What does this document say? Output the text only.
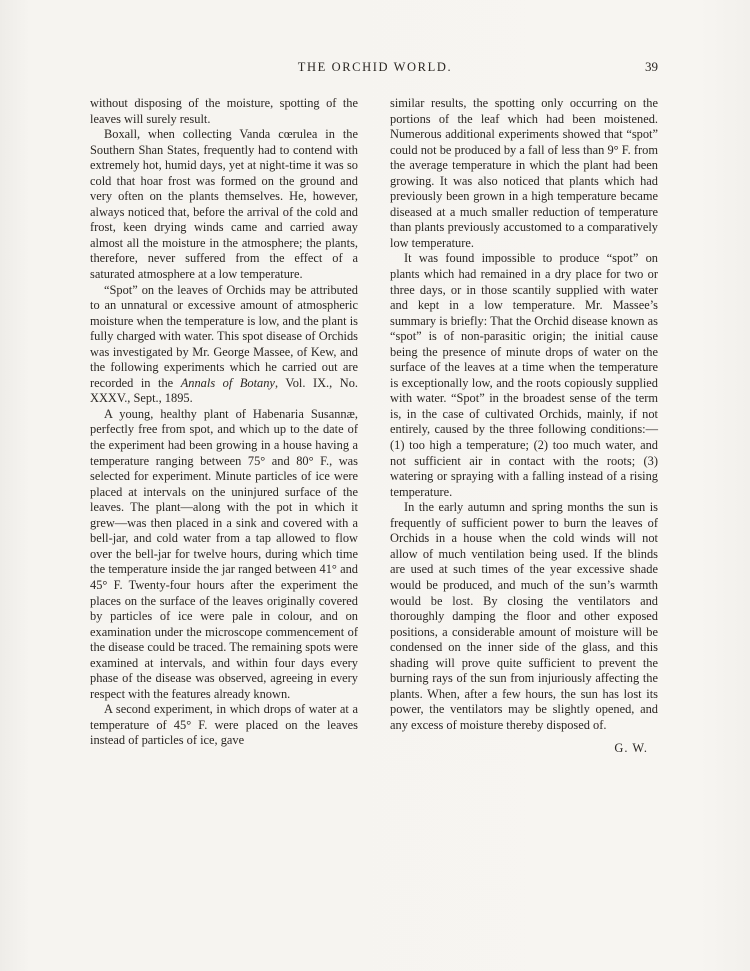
THE ORCHID WORLD.	39

without disposing of the moisture, spotting of the leaves will surely result.

Boxall, when collecting Vanda cœrulea in the Southern Shan States, frequently had to contend with extremely hot, humid days, yet at night-time it was so cold that hoar frost was formed on the ground and very often on the plants themselves. He, however, always noticed that, before the arrival of the cold and frost, keen drying winds came and carried away almost all the moisture in the atmosphere; the plants, therefore, never suffered from the effect of a saturated atmosphere at a low temperature.

“Spot” on the leaves of Orchids may be attributed to an unnatural or excessive amount of atmospheric moisture when the temperature is low, and the plant is fully charged with water. This spot disease of Orchids was investigated by Mr. George Massee, of Kew, and the following experiments which he carried out are recorded in the Annals of Botany, Vol. IX., No. XXXV., Sept., 1895.

A young, healthy plant of Habenaria Susannæ, perfectly free from spot, and which up to the date of the experiment had been growing in a house having a temperature ranging between 75° and 80° F., was selected for experiment. Minute particles of ice were placed at intervals on the uninjured surface of the leaves. The plant—along with the pot in which it grew—was then placed in a sink and covered with a bell-jar, and cold water from a tap allowed to flow over the bell-jar for twelve hours, during which time the temperature inside the jar ranged between 41° and 45° F. Twenty-four hours after the experiment the places on the surface of the leaves originally covered by particles of ice were pale in colour, and on examination under the microscope commencement of the disease could be traced. The remaining spots were examined at intervals, and within four days every phase of the disease was observed, agreeing in every respect with the features already known.

A second experiment, in which drops of water at a temperature of 45° F. were placed on the leaves instead of particles of ice, gave

similar results, the spotting only occurring on the portions of the leaf which had been moistened. Numerous additional experiments showed that “spot” could not be produced by a fall of less than 9° F. from the average temperature in which the plant had been growing. It was also noticed that plants which had previously been grown in a high temperature became diseased at a much smaller reduction of temperature than plants previously accustomed to a comparatively low temperature.

It was found impossible to produce “spot” on plants which had remained in a dry place for two or three days, or in those scantily supplied with water and kept in a low temperature. Mr. Massee’s summary is briefly: That the Orchid disease known as “spot” is of non-parasitic origin; the initial cause being the presence of minute drops of water on the surface of the leaves at a time when the temperature is exceptionally low, and the roots copiously supplied with water. “Spot” in the broadest sense of the term is, in the case of cultivated Orchids, mainly, if not entirely, caused by the three following conditions:—(1) too high a temperature; (2) too much water, and not sufficient air in contact with the roots; (3) watering or spraying with a falling instead of a rising temperature.

In the early autumn and spring months the sun is frequently of sufficient power to burn the leaves of Orchids in a house when the cold winds will not allow of much ventilation being used. If the blinds are used at such times of the year excessive shade would be produced, and much of the sun’s warmth would be lost. By closing the ventilators and thoroughly damping the floor and other exposed positions, a considerable amount of moisture will be condensed on the inner side of the glass, and this shading will prove quite sufficient to prevent the burning rays of the sun from injuriously affecting the plants. When, after a few hours, the sun has lost its power, the ventilators may be slightly opened, and any excess of moisture thereby disposed of.

G. W.
